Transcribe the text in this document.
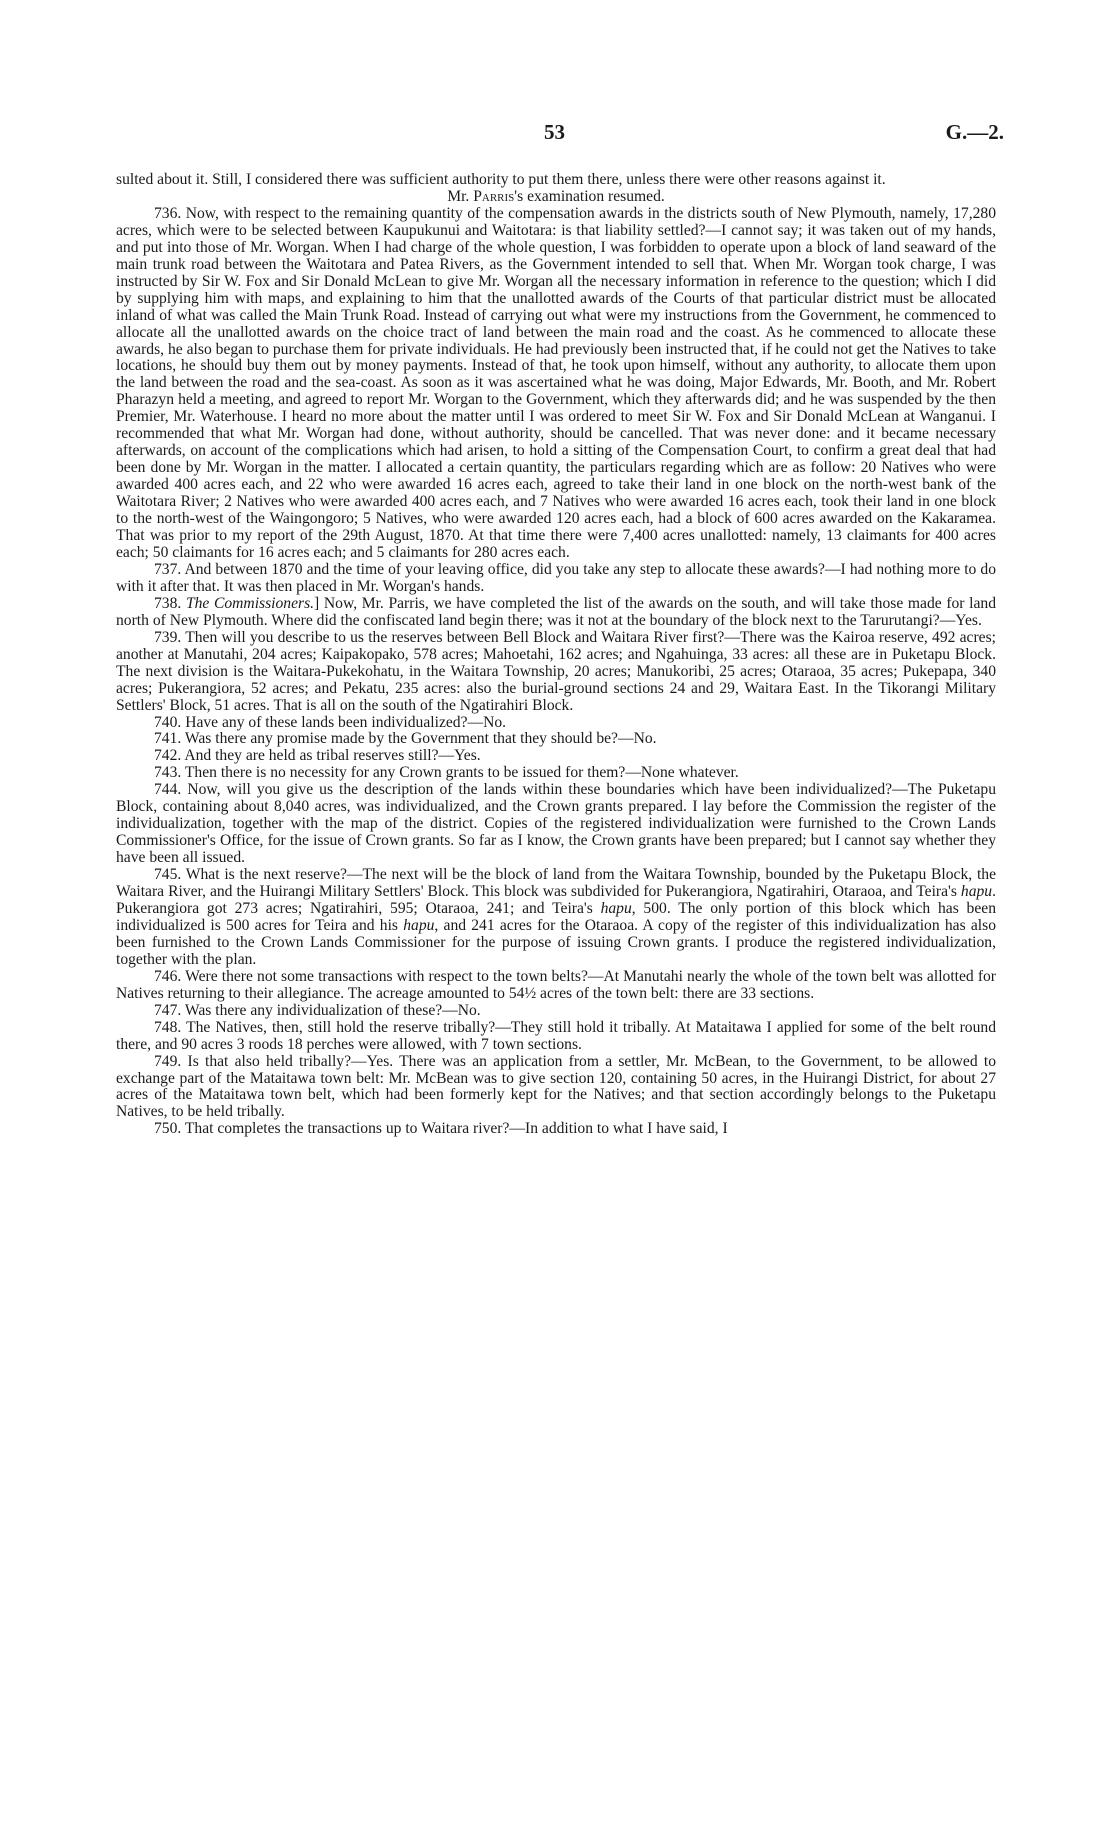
53	G.—2.

sulted about it. Still, I considered there was sufficient authority to put them there, unless there were other reasons against it.

Mr. Parris's examination resumed.

736. Now, with respect to the remaining quantity of the compensation awards in the districts south of New Plymouth, namely, 17,280 acres, which were to be selected between Kaupukunui and Waitotara: is that liability settled?—I cannot say; it was taken out of my hands, and put into those of Mr. Worgan. When I had charge of the whole question, I was forbidden to operate upon a block of land seaward of the main trunk road between the Waitotara and Patea Rivers, as the Government intended to sell that. When Mr. Worgan took charge, I was instructed by Sir W. Fox and Sir Donald McLean to give Mr. Worgan all the necessary information in reference to the question; which I did by supplying him with maps, and explaining to him that the unallotted awards of the Courts of that particular district must be allocated inland of what was called the Main Trunk Road. Instead of carrying out what were my instructions from the Government, he commenced to allocate all the unallotted awards on the choice tract of land between the main road and the coast. As he commenced to allocate these awards, he also began to purchase them for private individuals. He had previously been instructed that, if he could not get the Natives to take locations, he should buy them out by money payments. Instead of that, he took upon himself, without any authority, to allocate them upon the land between the road and the sea-coast. As soon as it was ascertained what he was doing, Major Edwards, Mr. Booth, and Mr. Robert Pharazyn held a meeting, and agreed to report Mr. Worgan to the Government, which they afterwards did; and he was suspended by the then Premier, Mr. Waterhouse. I heard no more about the matter until I was ordered to meet Sir W. Fox and Sir Donald McLean at Wanganui. I recommended that what Mr. Worgan had done, without authority, should be cancelled. That was never done: and it became necessary afterwards, on account of the complications which had arisen, to hold a sitting of the Compensation Court, to confirm a great deal that had been done by Mr. Worgan in the matter. I allocated a certain quantity, the particulars regarding which are as follow: 20 Natives who were awarded 400 acres each, and 22 who were awarded 16 acres each, agreed to take their land in one block on the north-west bank of the Waitotara River; 2 Natives who were awarded 400 acres each, and 7 Natives who were awarded 16 acres each, took their land in one block to the north-west of the Waingongoro; 5 Natives, who were awarded 120 acres each, had a block of 600 acres awarded on the Kakaramea. That was prior to my report of the 29th August, 1870. At that time there were 7,400 acres unallotted: namely, 13 claimants for 400 acres each; 50 claimants for 16 acres each; and 5 claimants for 280 acres each.

737. And between 1870 and the time of your leaving office, did you take any step to allocate these awards?—I had nothing more to do with it after that. It was then placed in Mr. Worgan's hands.

738. The Commissioners.] Now, Mr. Parris, we have completed the list of the awards on the south, and will take those made for land north of New Plymouth. Where did the confiscated land begin there; was it not at the boundary of the block next to the Tarurutangi?—Yes.

739. Then will you describe to us the reserves between Bell Block and Waitara River first?—There was the Kairoa reserve, 492 acres; another at Manutahi, 204 acres; Kaipakopako, 578 acres; Mahoetahi, 162 acres; and Ngahuinga, 33 acres: all these are in Puketapu Block. The next division is the Waitara-Pukekohatu, in the Waitara Township, 20 acres; Manukoribi, 25 acres; Otaraoa, 35 acres; Pukepapa, 340 acres; Pukerangiora, 52 acres; and Pekatu, 235 acres: also the burial-ground sections 24 and 29, Waitara East. In the Tikorangi Military Settlers' Block, 51 acres. That is all on the south of the Ngatirahiri Block.

740. Have any of these lands been individualized?—No.

741. Was there any promise made by the Government that they should be?—No.

742. And they are held as tribal reserves still?—Yes.

743. Then there is no necessity for any Crown grants to be issued for them?—None whatever.

744. Now, will you give us the description of the lands within these boundaries which have been individualized?—The Puketapu Block, containing about 8,040 acres, was individualized, and the Crown grants prepared. I lay before the Commission the register of the individualization, together with the map of the district. Copies of the registered individualization were furnished to the Crown Lands Commissioner's Office, for the issue of Crown grants. So far as I know, the Crown grants have been prepared; but I cannot say whether they have been all issued.

745. What is the next reserve?—The next will be the block of land from the Waitara Township, bounded by the Puketapu Block, the Waitara River, and the Huirangi Military Settlers' Block. This block was subdivided for Pukerangiora, Ngatirahiri, Otaraoa, and Teira's hapu. Pukerangiora got 273 acres; Ngatirahiri, 595; Otaraoa, 241; and Teira's hapu, 500. The only portion of this block which has been individualized is 500 acres for Teira and his hapu, and 241 acres for the Otaraoa. A copy of the register of this individualization has also been furnished to the Crown Lands Commissioner for the purpose of issuing Crown grants. I produce the registered individualization, together with the plan.

746. Were there not some transactions with respect to the town belts?—At Manutahi nearly the whole of the town belt was allotted for Natives returning to their allegiance. The acreage amounted to 54½ acres of the town belt: there are 33 sections.

747. Was there any individualization of these?—No.

748. The Natives, then, still hold the reserve tribally?—They still hold it tribally. At Mataitawa I applied for some of the belt round there, and 90 acres 3 roods 18 perches were allowed, with 7 town sections.

749. Is that also held tribally?—Yes. There was an application from a settler, Mr. McBean, to the Government, to be allowed to exchange part of the Mataitawa town belt: Mr. McBean was to give section 120, containing 50 acres, in the Huirangi District, for about 27 acres of the Mataitawa town belt, which had been formerly kept for the Natives; and that section accordingly belongs to the Puketapu Natives, to be held tribally.

750. That completes the transactions up to Waitara river?—In addition to what I have said, I
